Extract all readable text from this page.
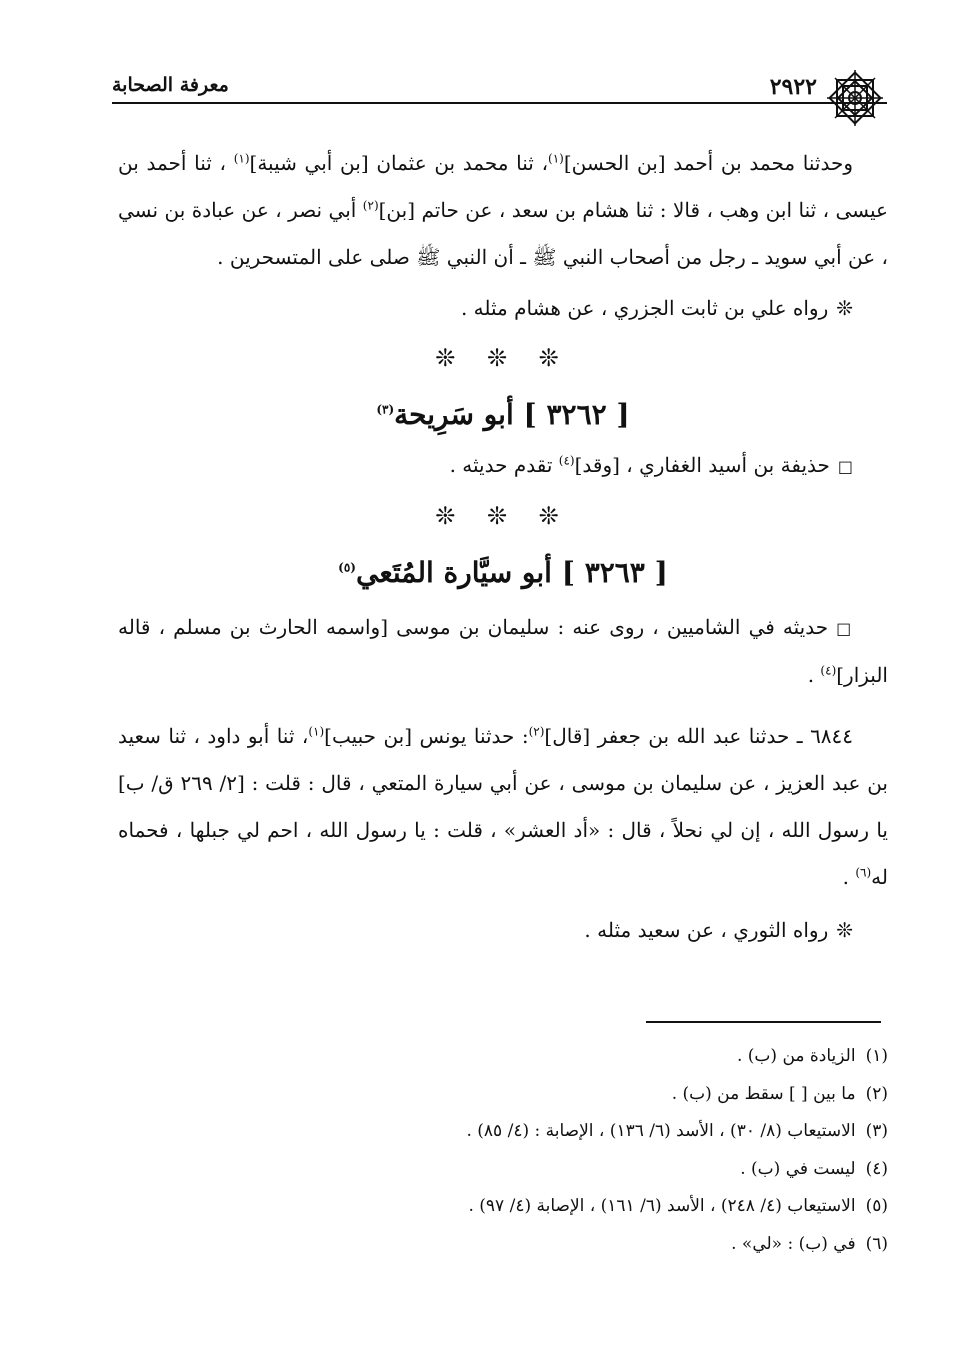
معرفة الصحابة	٢٩٢٢

وحدثنا محمد بن أحمد [بن الحسن]$^{(١)}$، ثنا محمد بن عثمان [بن أبي شيبة]$^{(١)}$ ، ثنا أحمد بن عيسى ، ثنا ابن وهب ، قالا : ثنا هشام بن سعد ، عن حاتم [بن]$^{(٢)}$ أبي نصر ، عن عبادة بن نسي ، عن أبي سويد ـ رجل من أصحاب النبي ﷺ ـ أن النبي ﷺ صلى على المتسحرين .

❊رواه علي بن ثابت الجزري ، عن هشام مثله .

❊ ❊ ❊

[ ٣٢٦٢ ] أبو سَرِيحة$^{(٣)}$

□حذيفة بن أسيد الغفاري ، [وقد]$^{(٤)}$ تقدم حديثه .

❊ ❊ ❊

[ ٣٢٦٣ ] أبو سيَّارة المُتَعي$^{(٥)}$

□حديثه في الشاميين ، روى عنه : سليمان بن موسى [واسمه الحارث بن مسلم ، قاله البزار]$^{(٤)}$ .

٦٨٤٤ ـ حدثنا عبد الله بن جعفر [قال]$^{(٢)}$: حدثنا يونس [بن حبيب]$^{(١)}$، ثنا أبو داود ، ثنا سعيد بن عبد العزيز ، عن سليمان بن موسى ، عن أبي سيارة المتعي ، قال : قلت : [٢/ ٢٦٩ ق/ ب] يا رسول الله ، إن لي نحلاً ، قال : «أد العشر» ، قلت : يا رسول الله ، احم لي جبلها ، فحماه له$^{(٦)}$ .

❊رواه الثوري ، عن سعيد مثله .

(١)الزيادة من (ب) .

(٢)ما بين [ ] سقط من (ب) .

(٣)الاستيعاب (٨/ ٣٠) ، الأسد (٦/ ١٣٦) ، الإصابة : (٤/ ٨٥) .

(٤)ليست في (ب) .

(٥)الاستيعاب (٤/ ٢٤٨) ، الأسد (٦/ ١٦١) ، الإصابة (٤/ ٩٧) .

(٦)في (ب) : «لي» .
